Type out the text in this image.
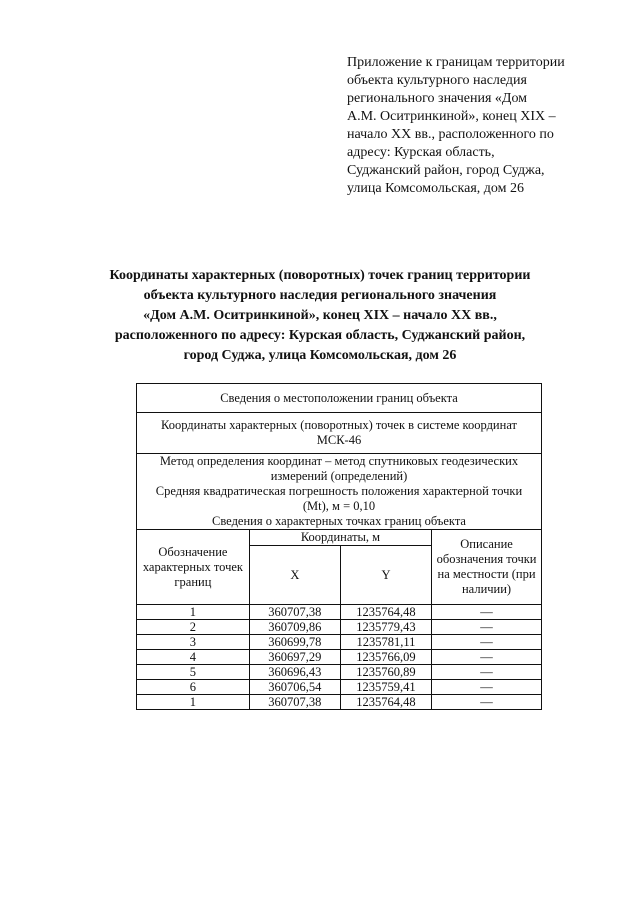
Приложение к границам территории
объекта культурного наследия
регионального значения «Дом
А.М. Оситринкиной», конец XIX –
начало XX вв., расположенного по
адресу: Курская область,
Суджанский район, город Суджа,
улица Комсомольская, дом 26
Координаты характерных (поворотных) точек границ территории
объекта культурного наследия регионального значения
«Дом А.М. Оситринкиной», конец XIX – начало XX вв.,
расположенного по адресу: Курская область, Суджанский район,
город Суджа, улица Комсомольская, дом 26
Сведения о местоположении границ объекта			
Координаты характерных (поворотных) точек в системе координат МСК-46			

Метод определения координат – метод спутниковых геодезических
измерений (определений)
Средняя квадратическая погрешность положения характерной точки
(Mt), м = 0,10
Сведения о характерных точках границ объекта			

Обозначение характерных точек границ	Координаты, м		Описание обозначения точки на местности (при наличии)
	X	Y	
1	360707,38	1235764,48	—
2	360709,86	1235779,43	—
3	360699,78	1235781,11	—
4	360697,29	1235766,09	—
5	360696,43	1235760,89	—
6	360706,54	1235759,41	—
1	360707,38	1235764,48	—
